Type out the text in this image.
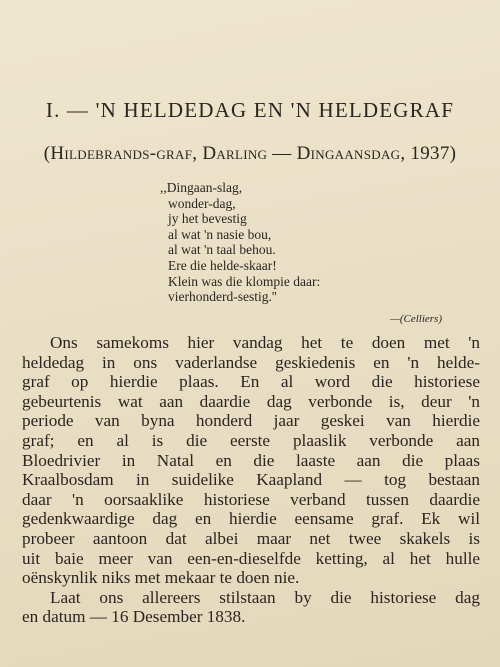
I. — 'N HELDEDAG EN 'N HELDEGRAF
(Hildebrands-graf, Darling — Dingaansdag, 1937)
,,Dingaan-slag,
wonder-dag,
jy het bevestig
al wat 'n nasie bou,
al wat 'n taal behou.
Ere die helde-skaar!
Klein was die klompie daar:
vierhonderd-sestig.''
—(Celliers)
Ons samekoms hier vandag het te doen met 'n
heldedag in ons vaderlandse geskiedenis en 'n helde-
graf op hierdie plaas. En al word die historiese
gebeurtenis wat aan daardie dag verbonde is, deur 'n
periode van byna honderd jaar geskei van hierdie
graf; en al is die eerste plaaslik verbonde aan
Bloedrivier in Natal en die laaste aan die plaas
Kraalbosdam in suidelike Kaapland — tog bestaan
daar 'n oorsaaklike historiese verband tussen daardie
gedenkwaardige dag en hierdie eensame graf. Ek wil
probeer aantoon dat albei maar net twee skakels is
uit baie meer van een-en-dieselfde ketting, al het hulle
oënskynlik niks met mekaar te doen nie.
Laat ons allereers stilstaan by die historiese dag
en datum — 16 Desember 1838.
